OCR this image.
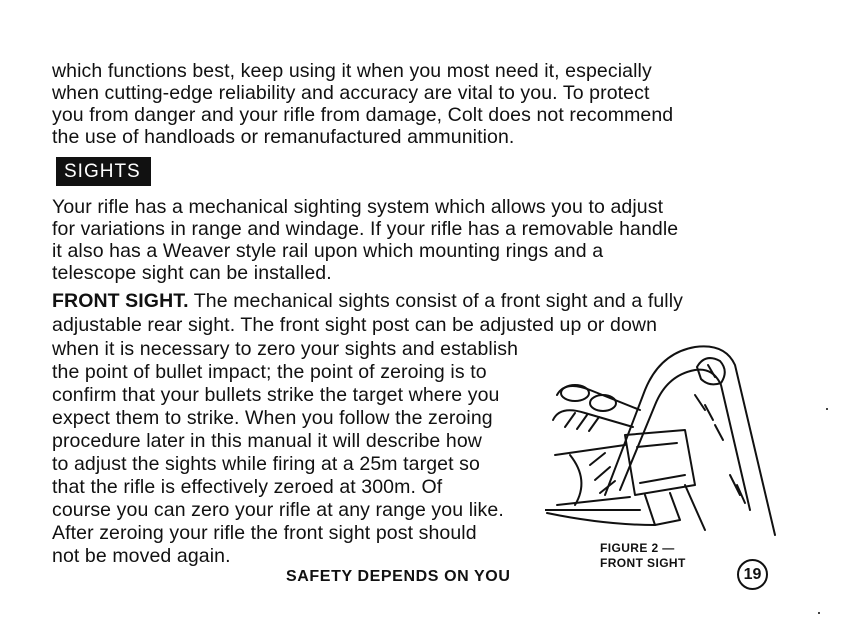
which functions best, keep using it when you most need it, especially
when cutting-edge reliability and accuracy are vital to you. To protect
you from danger and your rifle from damage, Colt does not recommend
the use of handloads or remanufactured ammunition.
SIGHTS
Your rifle has a mechanical sighting system which allows you to adjust
for variations in range and windage. If your rifle has a removable handle
it also has a Weaver style rail upon which mounting rings and a
telescope sight can be installed.
FRONT SIGHT. The mechanical sights consist of a front sight and a fully
adjustable rear sight. The front sight post can be adjusted up or down
when it is necessary to zero your sights and establish
the point of bullet impact; the point of zeroing is to
confirm that your bullets strike the target where you
expect them to strike. When you follow the zeroing
procedure later in this manual it will describe how
to adjust the sights while firing at a 25m target so
that the rifle is effectively zeroed at 300m. Of
course you can zero your rifle at any range you like.
After zeroing your rifle the front sight post should
not be moved again.	FIGURE 2 —
FRONT SIGHT
SAFETY DEPENDS ON YOU	19
